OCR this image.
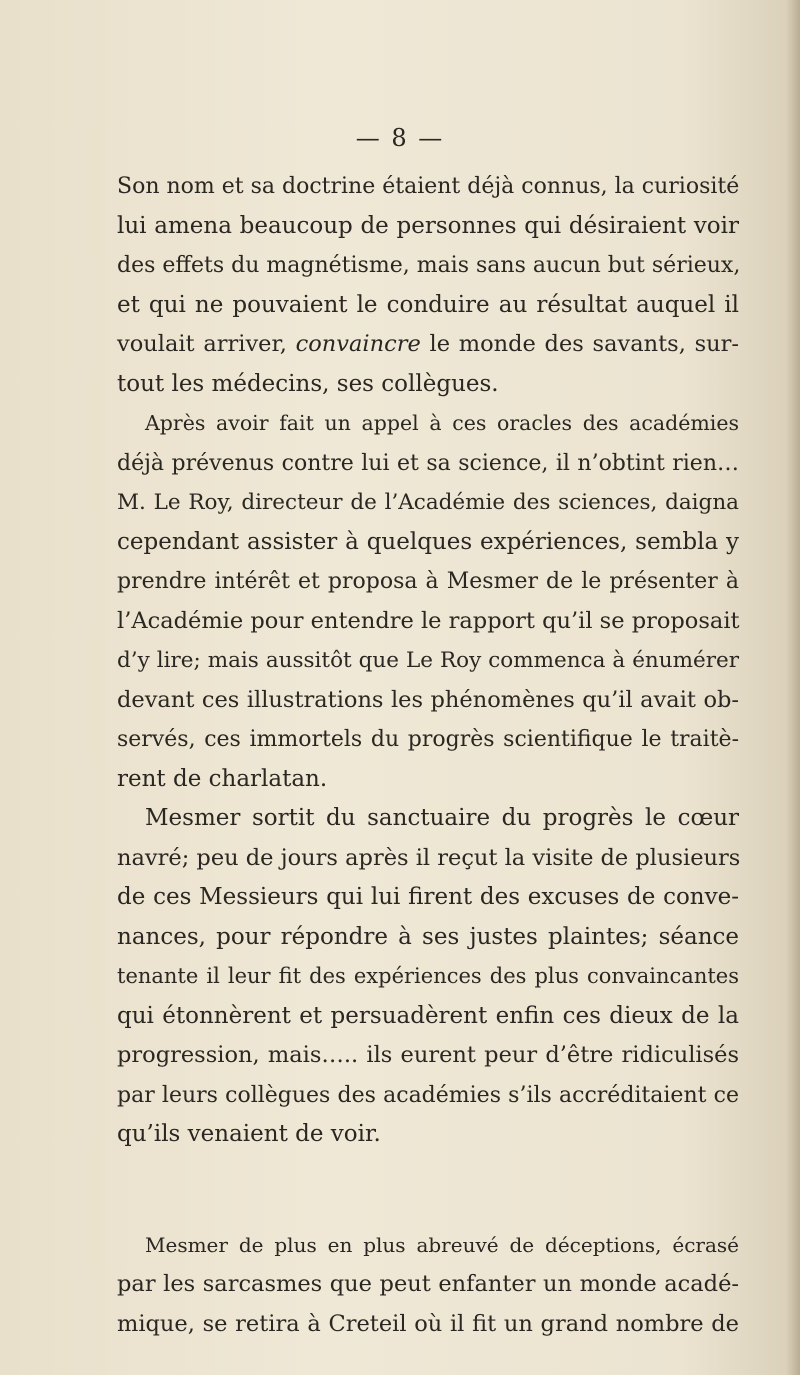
— 8 —
Son nom et sa doctrine étaient déjà connus, la curiosité
lui amena beaucoup de personnes qui désiraient voir
des effets du magnétisme, mais sans aucun but sérieux,
et qui ne pouvaient le conduire au résultat auquel il
voulait arriver, convaincre le monde des savants, sur-
tout les médecins, ses collègues.
Après avoir fait un appel à ces oracles des académies
déjà prévenus contre lui et sa science, il n’obtint rien…
M. Le Roy, directeur de l’Académie des sciences, daigna
cependant assister à quelques expériences, sembla y
prendre intérêt et proposa à Mesmer de le présenter à
l’Académie pour entendre le rapport qu’il se proposait
d’y lire; mais aussitôt que Le Roy commenca à énumérer
devant ces illustrations les phénomènes qu’il avait ob-
servés, ces immortels du progrès scientifique le traitè-
rent de charlatan.
Mesmer sortit du sanctuaire du progrès le cœur
navré; peu de jours après il reçut la visite de plusieurs
de ces Messieurs qui lui firent des excuses de conve-
nances, pour répondre à ses justes plaintes; séance
tenante il leur fit des expériences des plus convaincantes
qui étonnèrent et persuadèrent enfin ces dieux de la
progression, mais….. ils eurent peur d’être ridiculisés
par leurs collègues des académies s’ils accréditaient ce
qu’ils venaient de voir.
Mesmer de plus en plus abreuvé de déceptions, écrasé
par les sarcasmes que peut enfanter un monde acadé-
mique, se retira à Creteil où il fit un grand nombre de
